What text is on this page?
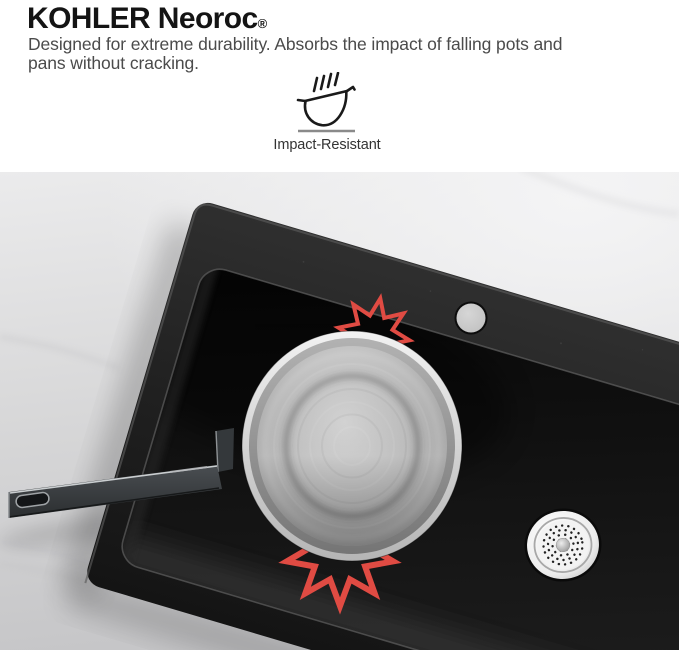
KOHLER Neoroc®
Designed for extreme durability. Absorbs the impact of falling pots and
pans without cracking.
Impact-Resistant
